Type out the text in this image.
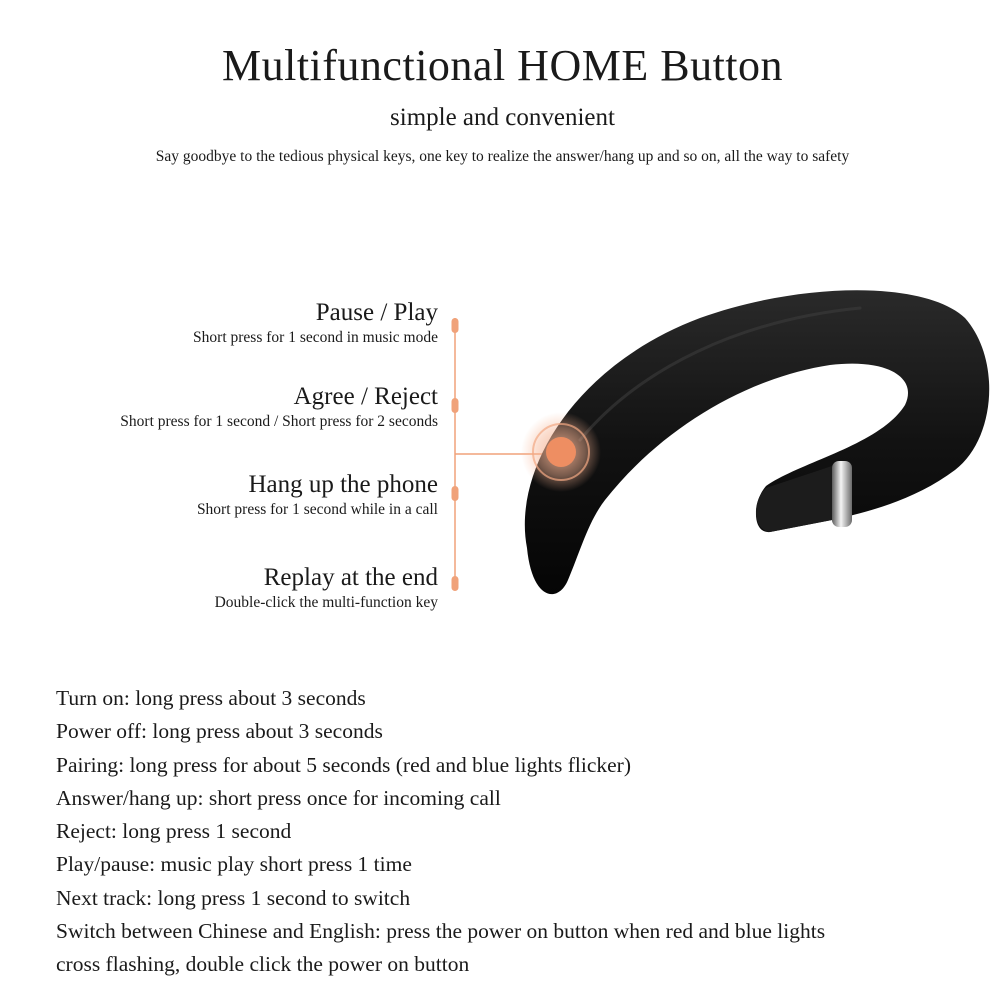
Multifunctional HOME Button
simple and convenient
Say goodbye to the tedious physical keys, one key to realize the answer/hang up and so on, all the way to safety
Pause / Play
Short press for 1 second in music mode
Agree / Reject
Short press for 1 second / Short press for 2 seconds
Hang up the phone
Short press for 1 second while in a call
Replay at the end
Double-click the multi-function key
Turn on: long press about 3 seconds
Power off: long press about 3 seconds
Pairing: long press for about 5 seconds (red and blue lights flicker)
Answer/hang up: short press once for incoming call
Reject: long press 1 second
Play/pause: music play short press 1 time
Next track: long press 1 second to switch
Switch between Chinese and English: press the power on button when red and blue lights
cross flashing, double click the power on button
